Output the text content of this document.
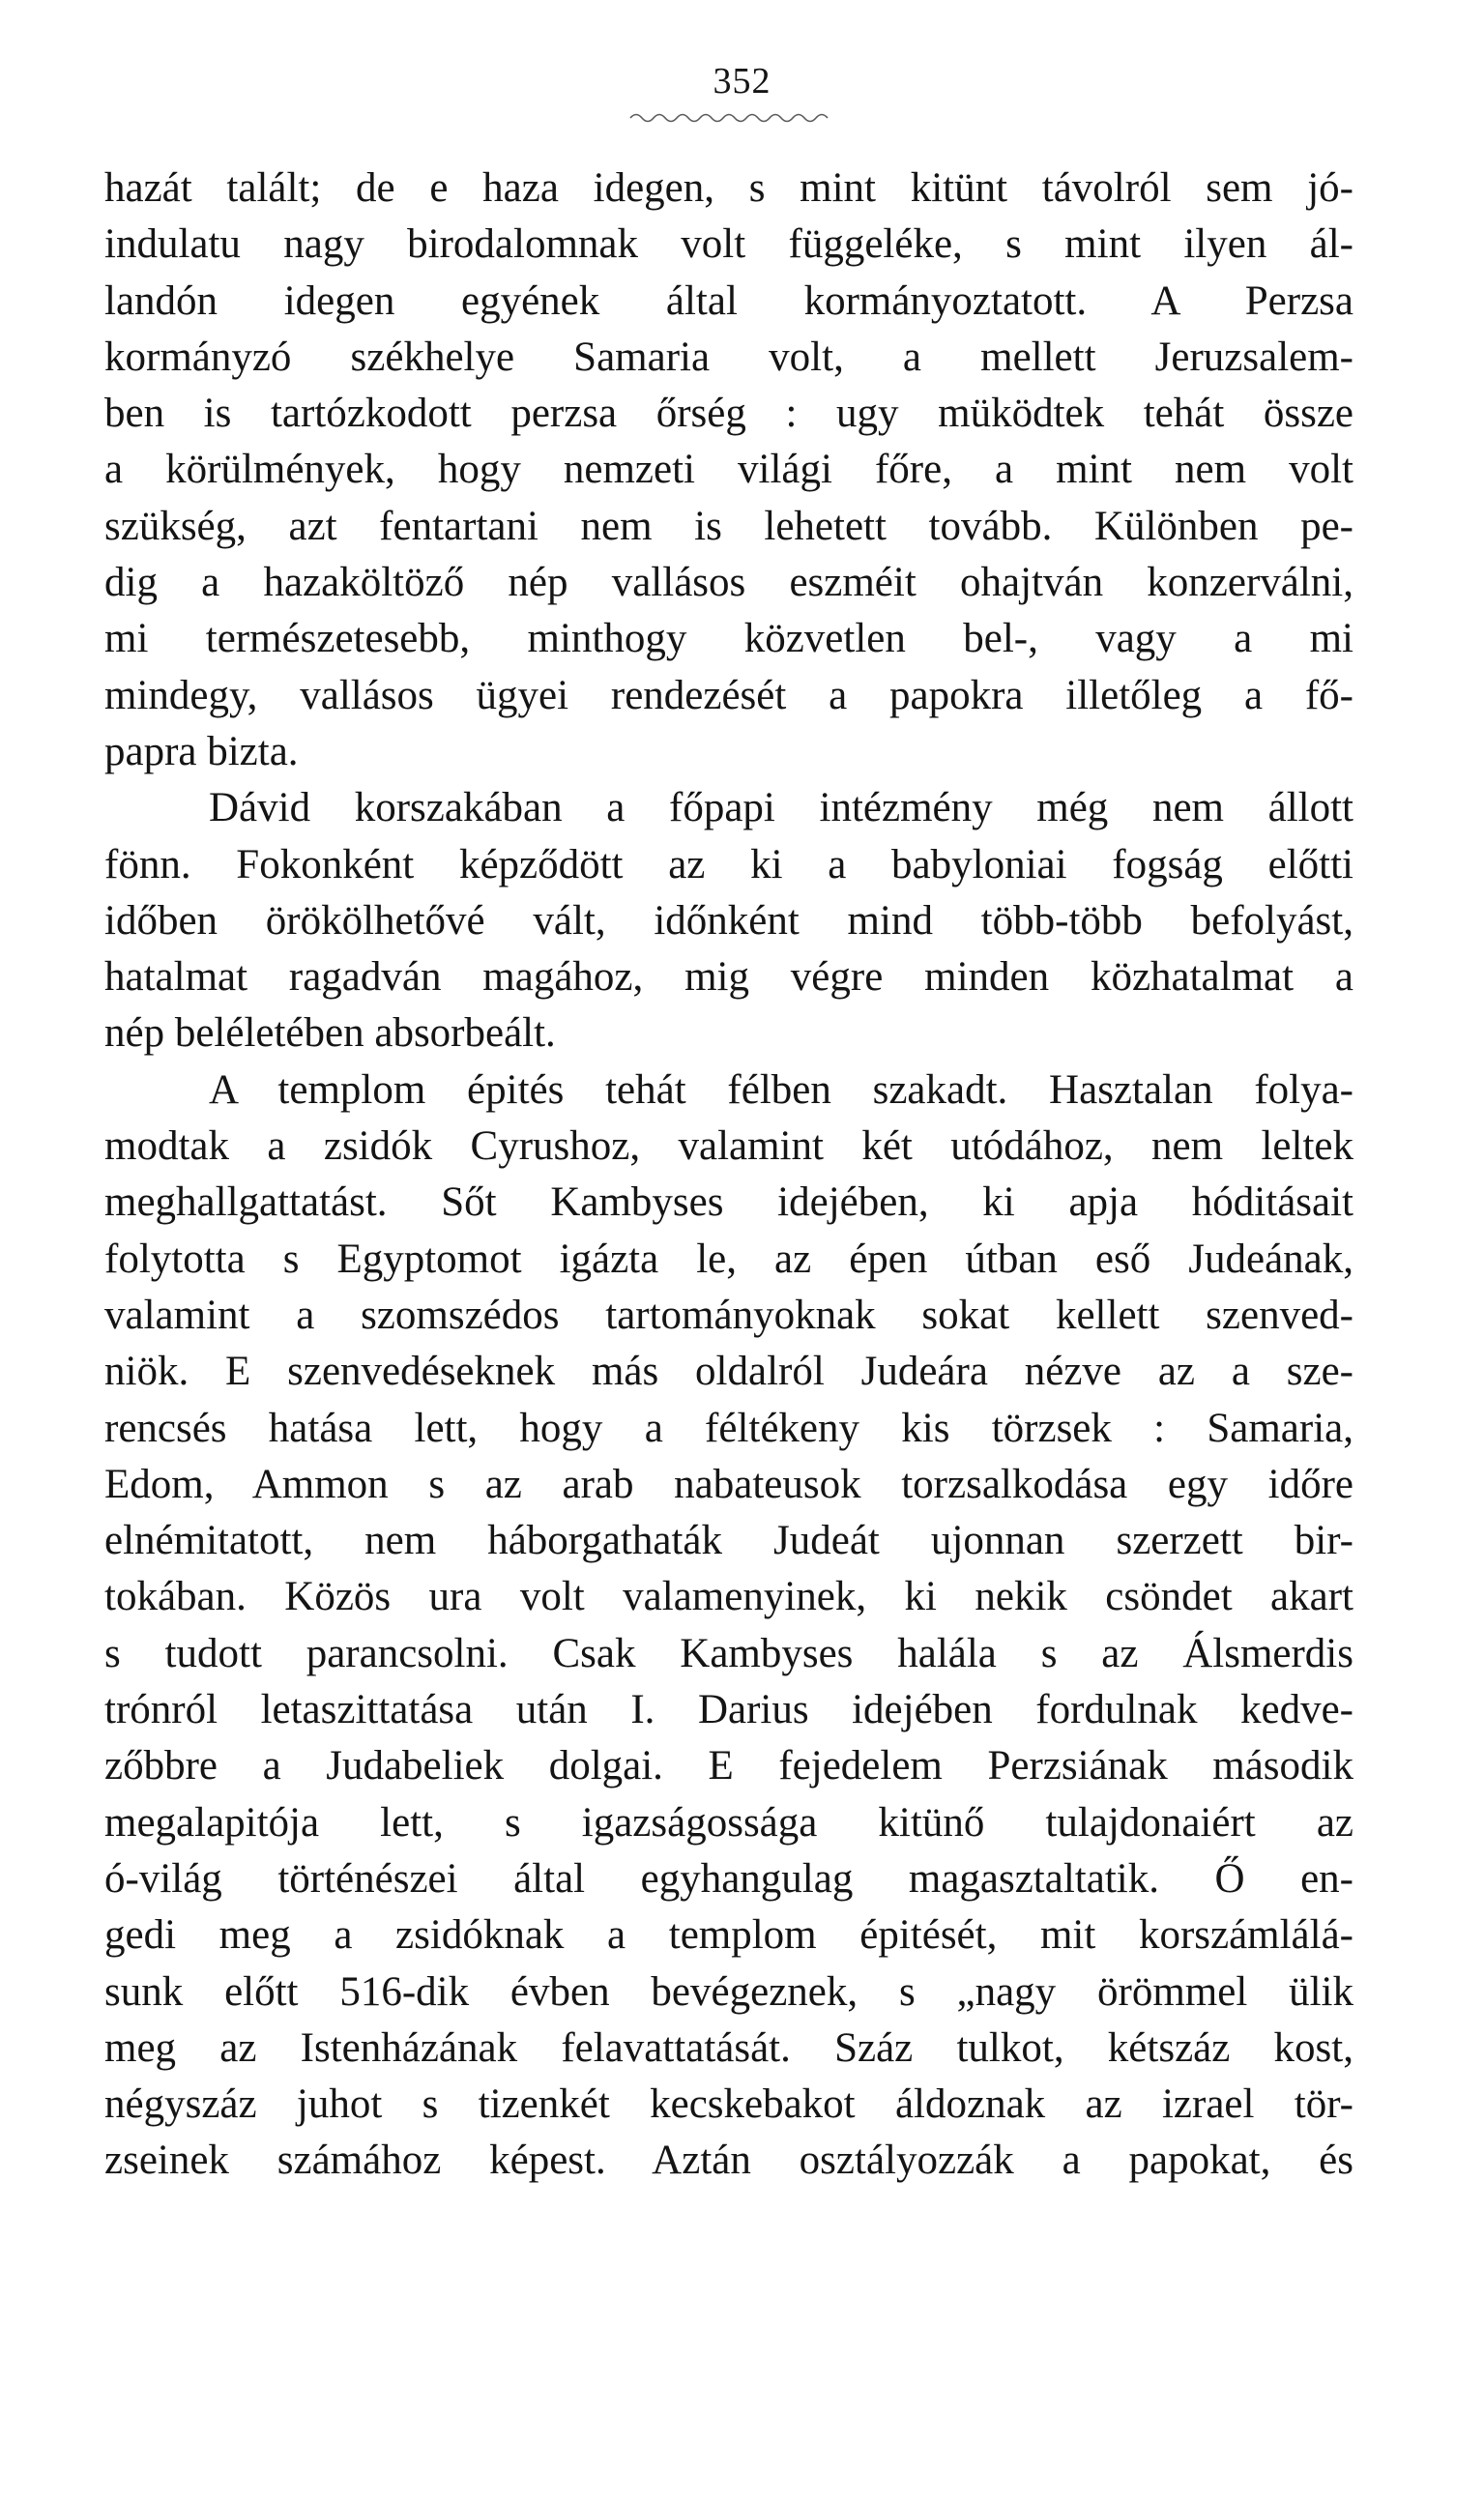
352
hazát talált; de e haza idegen, s mint kitünt távolról sem jó-
indulatu nagy birodalomnak volt függeléke, s mint ilyen ál-
landón idegen egyének által kormányoztatott. A Perzsa
kormányzó székhelye Samaria volt, a mellett Jeruzsalem-
ben is tartózkodott perzsa őrség : ugy müködtek tehát össze
a körülmények, hogy nemzeti világi főre, a mint nem volt
szükség, azt fentartani nem is lehetett tovább. Különben pe-
dig a hazaköltöző nép vallásos eszméit ohajtván konzerválni,
mi természetesebb, minthogy közvetlen bel-, vagy a mi
mindegy, vallásos ügyei rendezését a papokra illetőleg a fő-
papra bizta.
Dávid korszakában a főpapi intézmény még nem állott
fönn. Fokonként képződött az ki a babyloniai fogság előtti
időben örökölhetővé vált, időnként mind több-több befolyást,
hatalmat ragadván magához, mig végre minden közhatalmat a
nép beléletében absorbeált.
A templom épités tehát félben szakadt. Hasztalan folya-
modtak a zsidók Cyrushoz, valamint két utódához, nem leltek
meghallgattatást. Sőt Kambyses idejében, ki apja hóditásait
folytotta s Egyptomot igázta le, az épen útban eső Judeának,
valamint a szomszédos tartományoknak sokat kellett szenved-
niök. E szenvedéseknek más oldalról Judeára nézve az a sze-
rencsés hatása lett, hogy a féltékeny kis törzsek : Samaria,
Edom, Ammon s az arab nabateusok torzsalkodása egy időre
elnémitatott, nem háborgathaták Judeát ujonnan szerzett bir-
tokában. Közös ura volt valamenyinek, ki nekik csöndet akart
s tudott parancsolni. Csak Kambyses halála s az Álsmerdis
trónról letaszittatása után I. Darius idejében fordulnak kedve-
zőbbre a Judabeliek dolgai. E fejedelem Perzsiának második
megalapitója lett, s igazságossága kitünő tulajdonaiért az
ó-világ történészei által egyhangulag magasztaltatik. Ő en-
gedi meg a zsidóknak a templom épitését, mit korszámlálá-
sunk előtt 516-dik évben bevégeznek, s „nagy örömmel ülik
meg az Istenházának felavattatását. Száz tulkot, kétszáz kost,
négyszáz juhot s tizenkét kecskebakot áldoznak az izrael tör-
zseinek számához képest. Aztán osztályozzák a papokat, és
